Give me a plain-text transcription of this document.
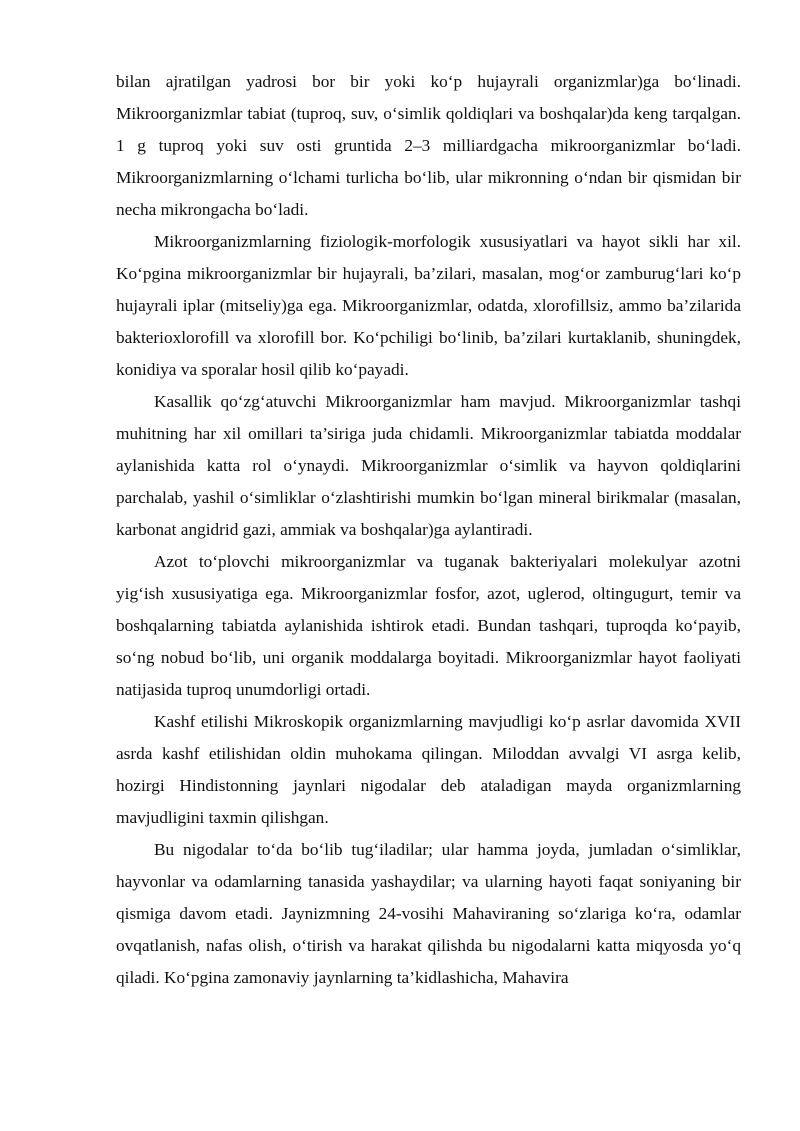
bilan ajratilgan yadrosi bor bir yoki ko‘p hujayrali organizmlar)ga bo‘linadi. Mikroorganizmlar tabiat (tuproq, suv, o‘simlik qoldiqlari va boshqalar)da keng tarqalgan. 1 g tuproq yoki suv osti gruntida 2–3 milliardgacha mikroorganizmlar bo‘ladi. Mikroorganizmlarning o‘lchami turlicha bo‘lib, ular mikronning o‘ndan bir qismidan bir necha mikrongacha bo‘ladi.

Mikroorganizmlarning fiziologik-morfologik xususiyatlari va hayot sikli har xil. Ko‘pgina mikroorganizmlar bir hujayrali, ba’zilari, masalan, mog‘or zamburug‘lari ko‘p hujayrali iplar (mitseliy)ga ega. Mikroorganizmlar, odatda, xlorofillsiz, ammo ba’zilarida bakterioxlorofill va xlorofill bor. Ko‘pchiligi bo‘linib, ba’zilari kurtaklanib, shuningdek, konidiya va sporalar hosil qilib ko‘payadi.

Kasallik qo‘zg‘atuvchi Mikroorganizmlar ham mavjud. Mikroorganizmlar tashqi muhitning har xil omillari ta’siriga juda chidamli. Mikroorganizmlar tabiatda moddalar aylanishida katta rol o‘ynaydi. Mikroorganizmlar o‘simlik va hayvon qoldiqlarini parchalab, yashil o‘simliklar o‘zlashtirishi mumkin bo‘lgan mineral birikmalar (masalan, karbonat angidrid gazi, ammiak va boshqalar)ga aylantiradi.

Azot to‘plovchi mikroorganizmlar va tuganak bakteriyalari molekulyar azotni yig‘ish xususiyatiga ega. Mikroorganizmlar fosfor, azot, uglerod, oltingugurt, temir va boshqalarning tabiatda aylanishida ishtirok etadi. Bundan tashqari, tuproqda ko‘payib, so‘ng nobud bo‘lib, uni organik moddalarga boyitadi. Mikroorganizmlar hayot faoliyati natijasida tuproq unumdorligi ortadi.

Kashf etilishi Mikroskopik organizmlarning mavjudligi ko‘p asrlar davomida XVII asrda kashf etilishidan oldin muhokama qilingan. Miloddan avvalgi VI asrga kelib, hozirgi Hindistonning jaynlari nigodalar deb ataladigan mayda organizmlarning mavjudligini taxmin qilishgan.

Bu nigodalar to‘da bo‘lib tug‘iladilar; ular hamma joyda, jumladan o‘simliklar, hayvonlar va odamlarning tanasida yashaydilar; va ularning hayoti faqat soniyaning bir qismiga davom etadi. Jaynizmning 24-vosihi Mahaviraning so‘zlariga ko‘ra, odamlar ovqatlanish, nafas olish, o‘tirish va harakat qilishda bu nigodalarni katta miqyosda yo‘q qiladi. Ko‘pgina zamonaviy jaynlarning ta’kidlashicha, Mahavira
